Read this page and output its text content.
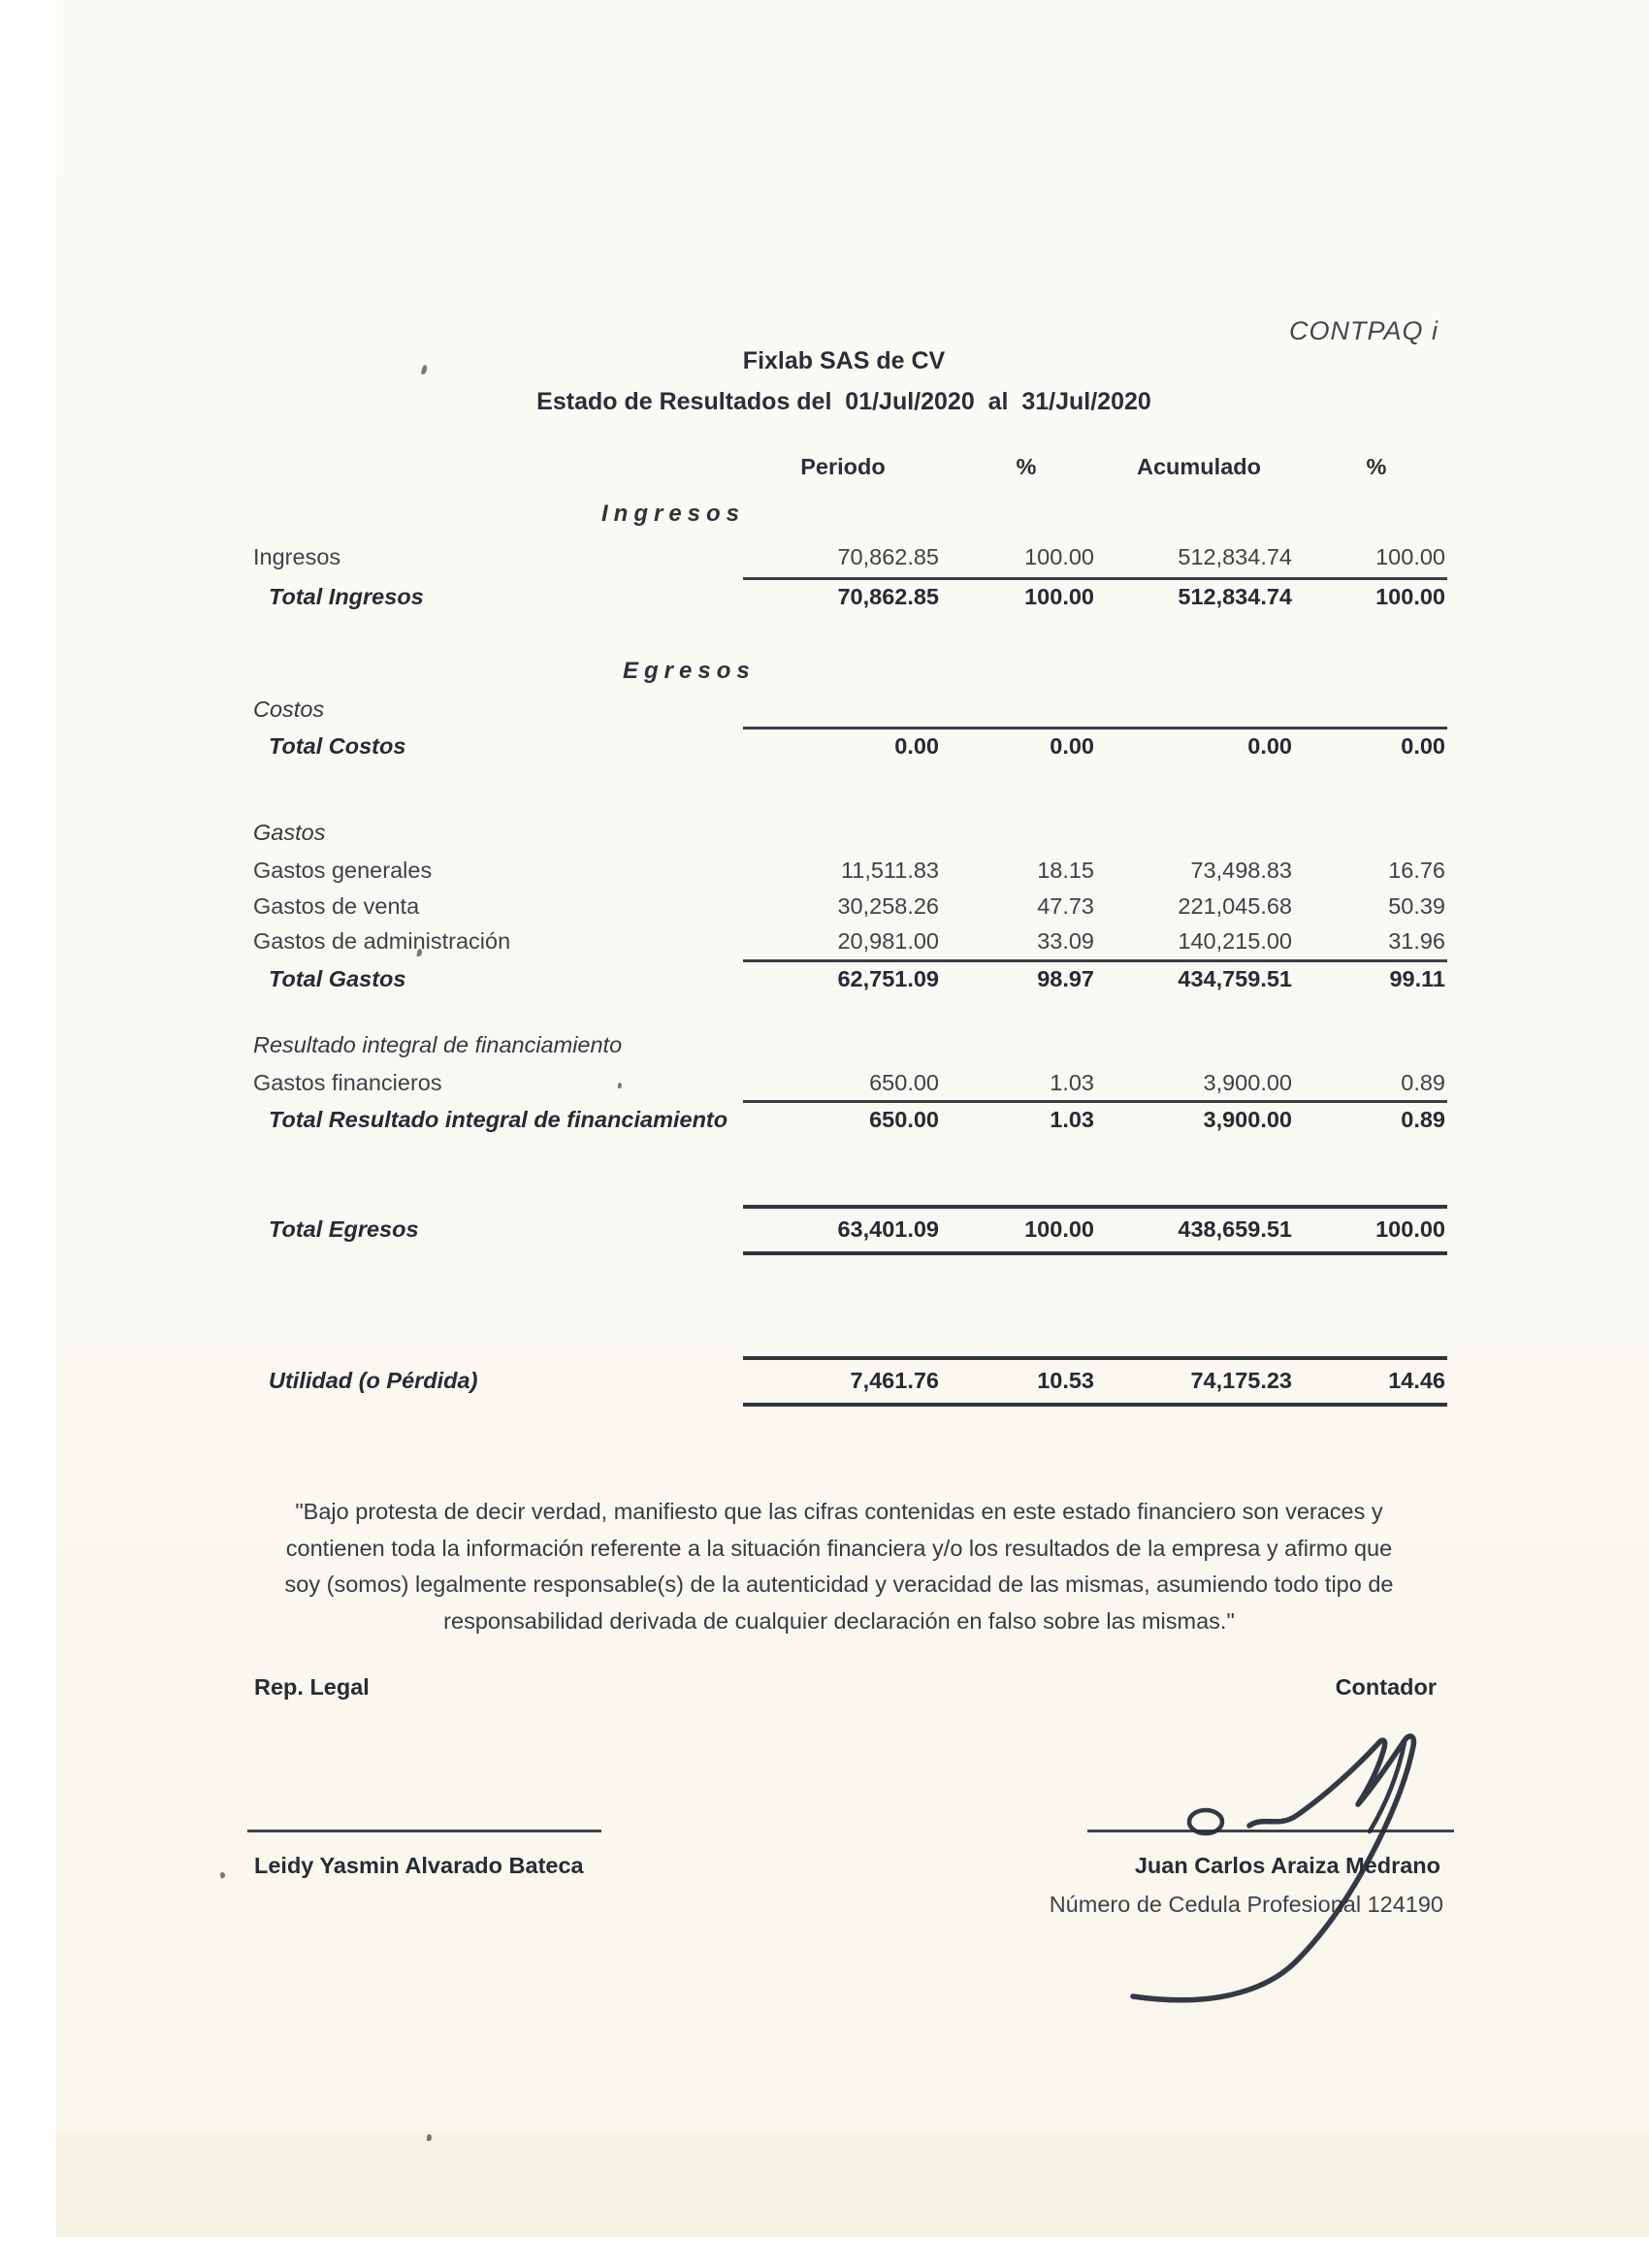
CONTPAQ i
Fixlab SAS de CV
Estado de Resultados del  01/Jul/2020  al  31/Jul/2020
Periodo	%	Acumulado	%
Ingresos
Ingresos	70,862.85	100.00	512,834.74	100.00
Total Ingresos	70,862.85	100.00	512,834.74	100.00
Egresos
Costos
Total Costos	0.00	0.00	0.00	0.00
Gastos
Gastos generales	11,511.83	18.15	73,498.83	16.76
Gastos de venta	30,258.26	47.73	221,045.68	50.39
Gastos de administración	20,981.00	33.09	140,215.00	31.96
Total Gastos	62,751.09	98.97	434,759.51	99.11
Resultado integral de financiamiento
Gastos financieros	650.00	1.03	3,900.00	0.89
Total Resultado integral de financiamiento	650.00	1.03	3,900.00	0.89
Total Egresos	63,401.09	100.00	438,659.51	100.00
Utilidad (o Pérdida)	7,461.76	10.53	74,175.23	14.46
"Bajo protesta de decir verdad, manifiesto que las cifras contenidas en este estado financiero son veraces y
contienen toda la información referente a la situación financiera y/o los resultados de la empresa y afirmo que
soy (somos) legalmente responsable(s) de la autenticidad y veracidad de las mismas, asumiendo todo tipo de
responsabilidad derivada de cualquier declaración en falso sobre las mismas."
Rep. Legal	Contador
Leidy Yasmin Alvarado Bateca	Juan Carlos Araiza Medrano
Número de Cedula Profesional 124190
